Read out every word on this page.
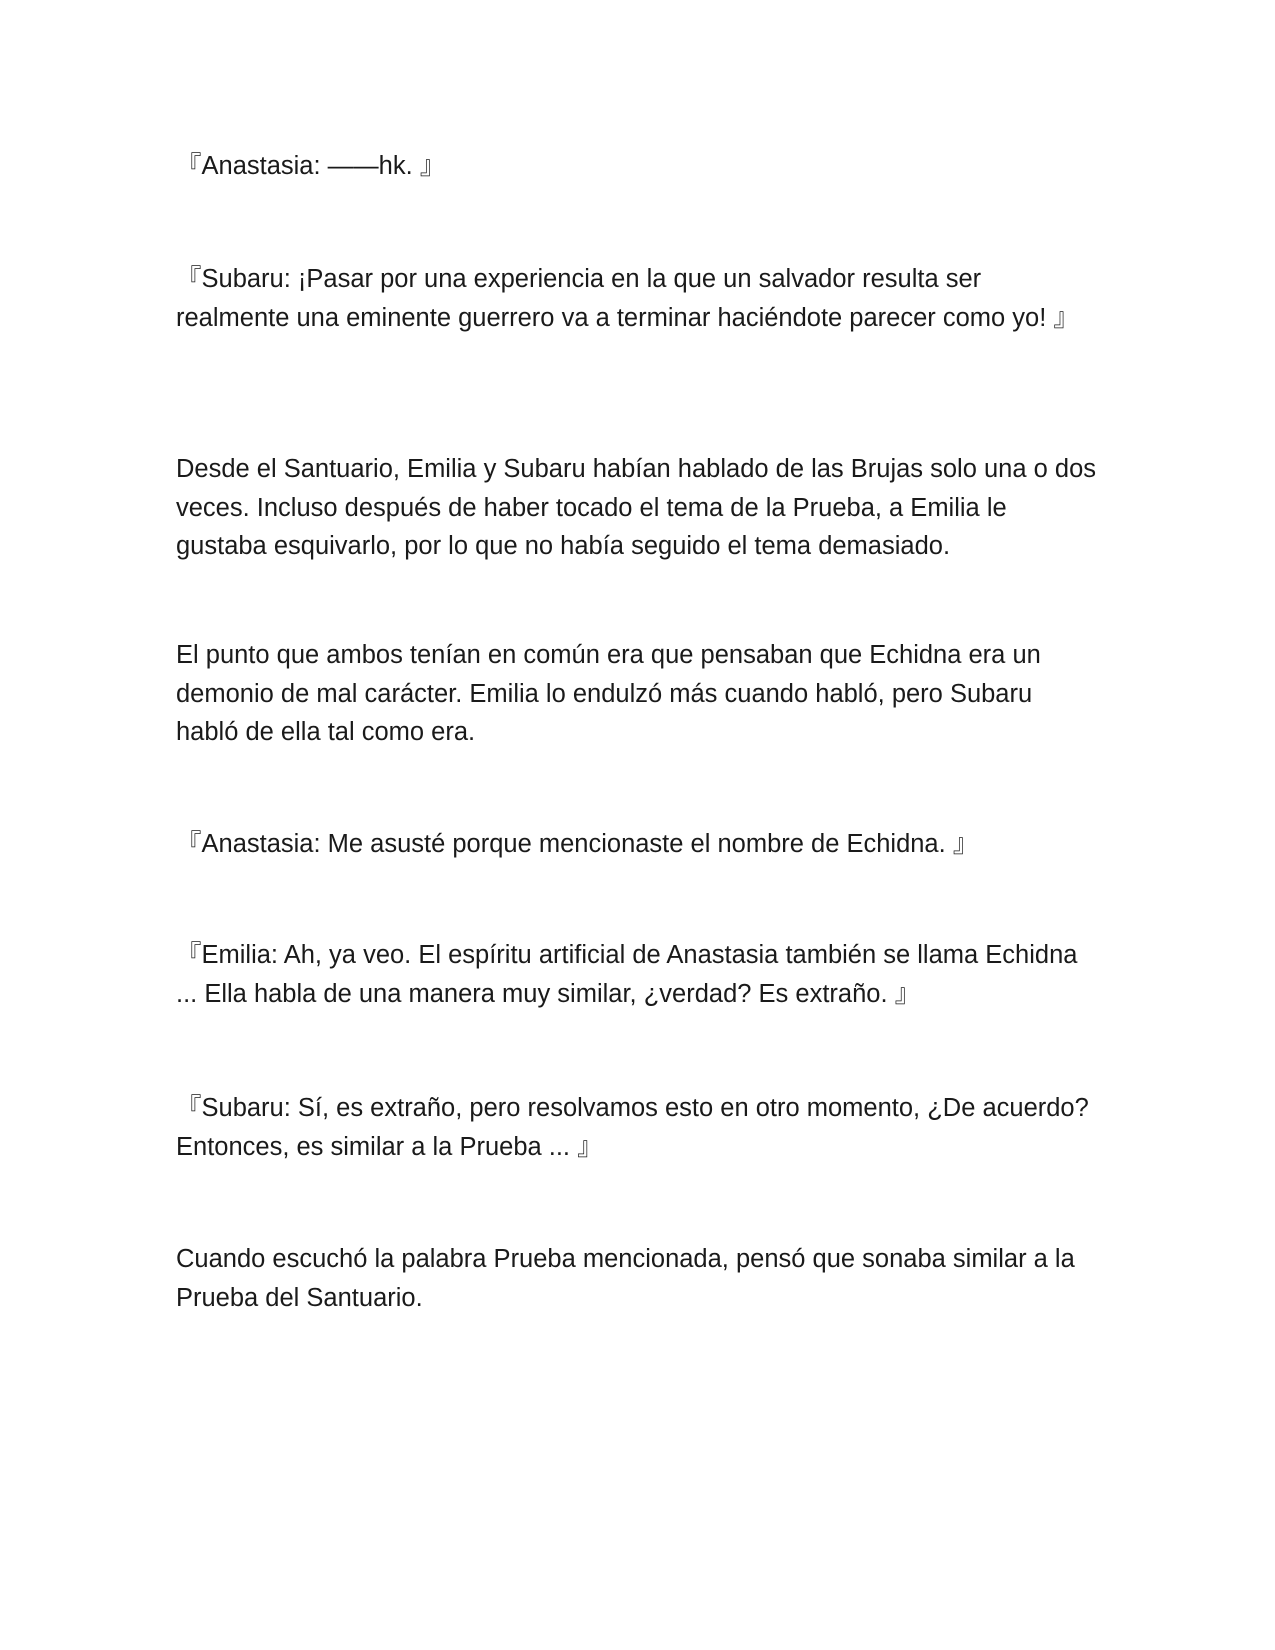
『Anastasia: ——hk. 』

『Subaru: ¡Pasar por una experiencia en la que un salvador resulta ser realmente una eminente guerrero va a terminar haciéndote parecer como yo! 』

Desde el Santuario, Emilia y Subaru habían hablado de las Brujas solo una o dos veces. Incluso después de haber tocado el tema de la Prueba, a Emilia le gustaba esquivarlo, por lo que no había seguido el tema demasiado.

El punto que ambos tenían en común era que pensaban que Echidna era un demonio de mal carácter. Emilia lo endulzó más cuando habló, pero Subaru habló de ella tal como era.

『Anastasia: Me asusté porque mencionaste el nombre de Echidna. 』

『Emilia: Ah, ya veo. El espíritu artificial de Anastasia también se llama Echidna ... Ella habla de una manera muy similar, ¿verdad? Es extraño. 』

『Subaru: Sí, es extraño, pero resolvamos esto en otro momento, ¿De acuerdo? Entonces, es similar a la Prueba ... 』

Cuando escuchó la palabra Prueba mencionada, pensó que sonaba similar a la Prueba del Santuario.
